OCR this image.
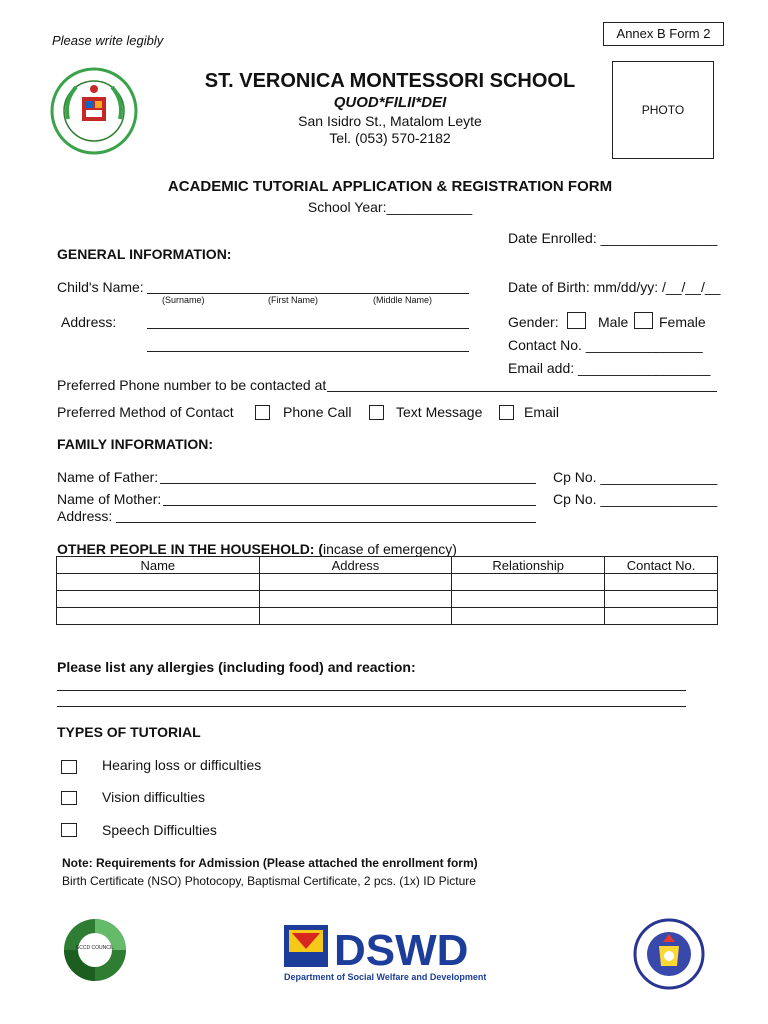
Please write legibly	Annex B Form 2
ST. VERONICA MONTESSORI SCHOOL
QUOD*FILII*DEI
San Isidro St., Matalom Leyte
Tel. (053) 570-2182
PHOTO
ACADEMIC TUTORIAL APPLICATION & REGISTRATION FORM
School Year:___________
Date Enrolled: _______________
GENERAL INFORMATION:
Child's Name:
(Surname)	(First Name)	(Middle Name)
Date of Birth: mm/dd/yy: /__/__/__
Address:	Gender:	Male Female
Contact No. _______________
Email add: _________________
Preferred Phone number to be contacted at
Preferred Method of Contact	Phone Call	Text Message	Email
FAMILY INFORMATION:
Name of Father:	Cp No. _______________
Name of Mother:	Cp No. _______________
Address:
OTHER PEOPLE IN THE HOUSEHOLD: (incase of emergency)
Name	Address	Relationship	Contact No.

Please list any allergies (including food) and reaction:
TYPES OF TUTORIAL
Hearing loss or difficulties
Vision difficulties
Speech Difficulties
Note: Requirements for Admission (Please attached the enrollment form)
Birth Certificate (NSO) Photocopy, Baptismal Certificate, 2 pcs. (1x) ID Picture
ECCD COUNCIL	DSWD
Department of Social Welfare and Development
